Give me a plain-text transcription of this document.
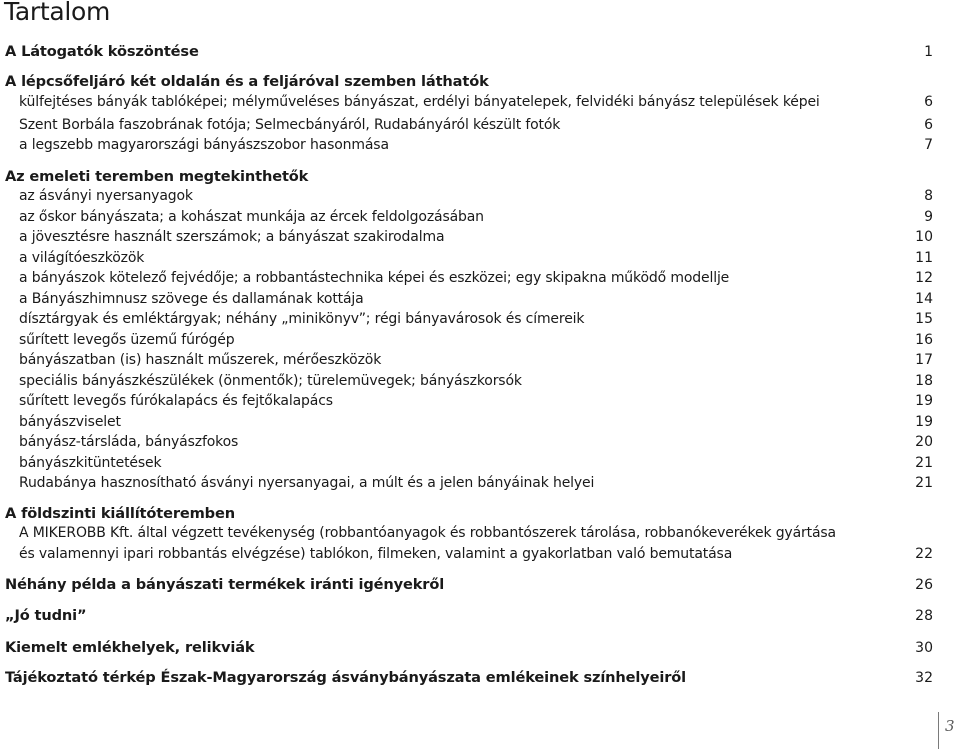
Tartalom
A Látogatók köszöntése	1
A lépcsőfeljáró két oldalán és a feljáróval szemben láthatók
külfejtéses bányák tablóképei; mélyműveléses bányászat, erdélyi bányatelepek, felvidéki bányász települések képei	6
Szent Borbála faszobrának fotója; Selmecbányáról, Rudabányáról készült fotók	6
a legszebb magyarországi bányászszobor hasonmása	7
Az emeleti teremben megtekinthetők
az ásványi nyersanyagok	8
az őskor bányászata; a kohászat munkája az ércek feldolgozásában	9
a jövesztésre használt szerszámok; a bányászat szakirodalma	10
a világítóeszközök	11
a bányászok kötelező fejvédője; a robbantástechnika képei és eszközei; egy skipakna működő modellje	12
a Bányászhimnusz szövege és dallamának kottája	14
dísztárgyak és emléktárgyak; néhány „minikönyv”; régi bányavárosok és címereik	15
sűrített levegős üzemű fúrógép	16
bányászatban (is) használt műszerek, mérőeszközök	17
speciális bányászkészülékek (önmentők); türelemüvegek; bányászkorsók	18
sűrített levegős fúrókalapács és fejtőkalapács	19
bányászviselet	19
bányász-társláda, bányászfokos	20
bányászkitüntetések	21
Rudabánya hasznosítható ásványi nyersanyagai, a múlt és a jelen bányáinak helyei	21
A földszinti kiállítóteremben
A MIKEROBB Kft. által végzett tevékenység (robbantóanyagok és robbantószerek tárolása, robbanókeverékek gyártása
és valamennyi ipari robbantás elvégzése) tablókon, filmeken, valamint a gyakorlatban való bemutatása	22
Néhány példa a bányászati termékek iránti igényekről	26
„Jó tudni”	28
Kiemelt emlékhelyek, relikviák	30
Tájékoztató térkép Észak-Magyarország ásványbányászata emlékeinek színhelyeiről	32
3
